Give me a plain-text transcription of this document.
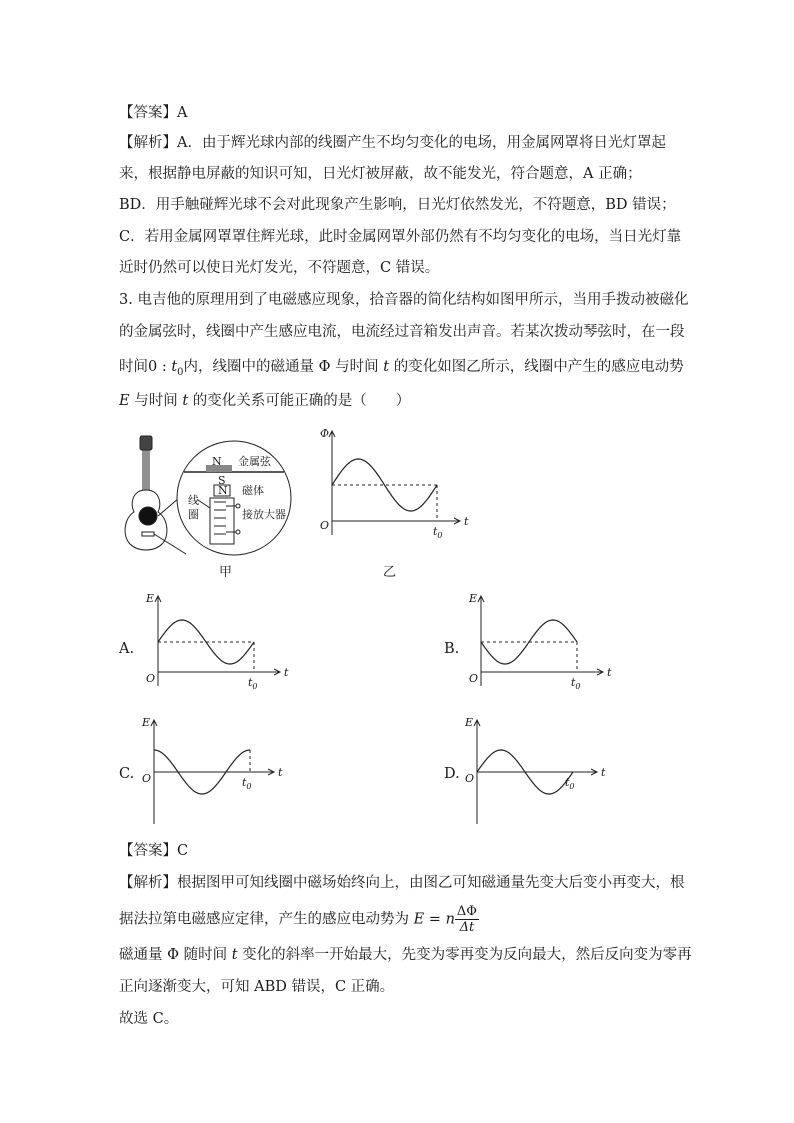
【答案】A
【解析】A．由于辉光球内部的线圈产生不均匀变化的电场，用金属网罩将日光灯罩起
来，根据静电屏蔽的知识可知，日光灯被屏蔽，故不能发光，符合题意，A 正确；
BD．用手触碰辉光球不会对此现象产生影响，日光灯依然发光，不符题意，BD 错误；
C．若用金属网罩罩住辉光球，此时金属网罩外部仍然有不均匀变化的电场，当日光灯靠
近时仍然可以使日光灯发光，不符题意，C 错误。
3. 电吉他的原理用到了电磁感应现象，拾音器的简化结构如图甲所示，当用手拨动被磁化
的金属弦时，线圈中产生感应电流，电流经过音箱发出声音。若某次拨动琴弦时，在一段
时间0 : $t_0$内，线圈中的磁通量 Φ 与时间 t 的变化如图乙所示，线圈中产生的感应电动势
E 与时间 t 的变化关系可能正确的是（　　）
N 金属弦
S
N 磁体
线
圈	接放大器
甲
Φ
t
O	$t_0$
乙
A.
E
t
O	$t_0$
B.
E
t
O	$t_0$
C.
E
t
O	$t_0$
D.
E
t
O	$t_0$
【答案】C
【解析】根据图甲可知线圈中磁场始终向上，由图乙可知磁通量先变大后变小再变大，根
据法拉第电磁感应定律，产生的感应电动势为 E = n $\frac{\Delta\Phi}{\Delta t}$
磁通量 Φ 随时间 t 变化的斜率一开始最大，先变为零再变为反向最大，然后反向变为零再
正向逐渐变大，可知 ABD 错误，C 正确。
故选 C。
